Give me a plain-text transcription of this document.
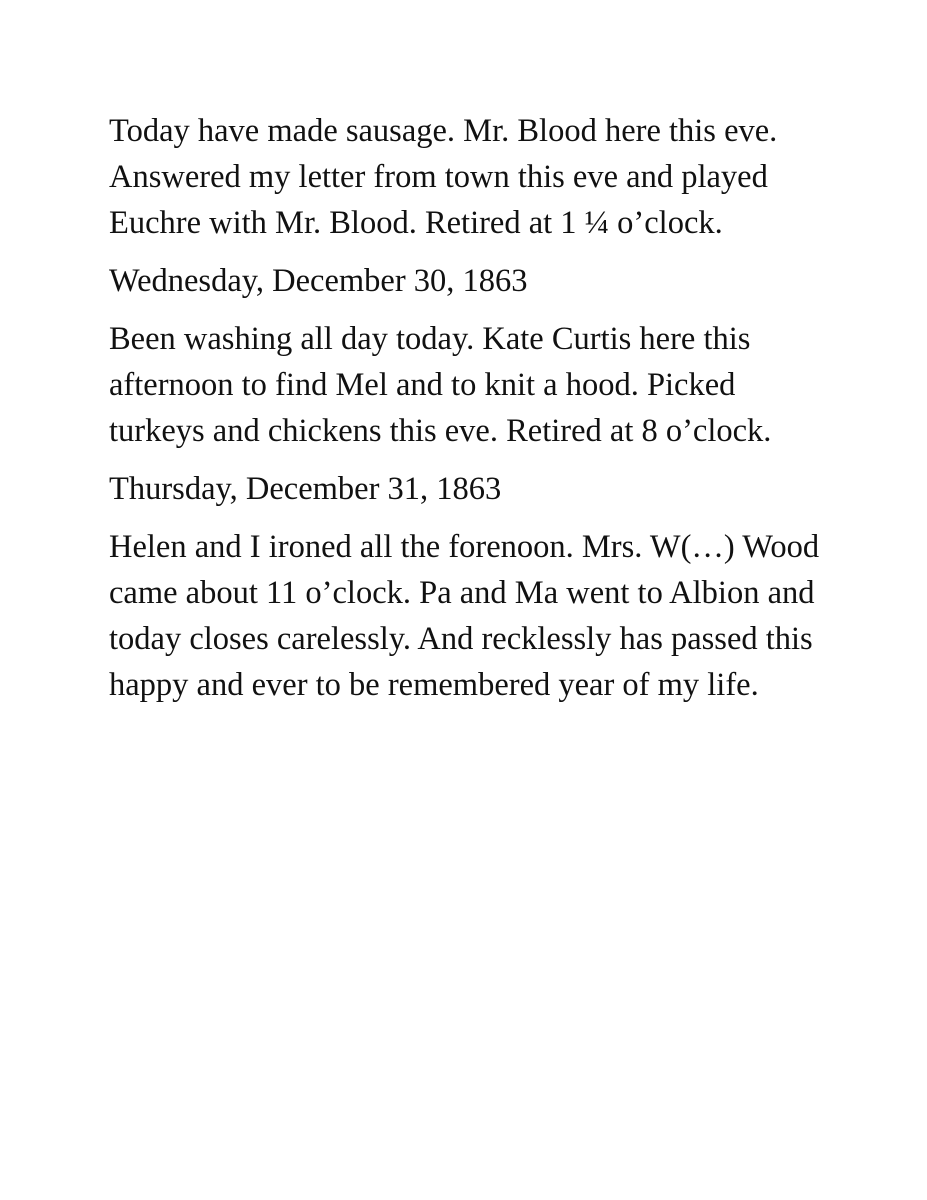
Today have made sausage. Mr. Blood here this eve. Answered my letter from town this eve and played Euchre with Mr. Blood. Retired at 1 ¼ o’clock.

Wednesday, December 30, 1863

Been washing all day today. Kate Curtis here this afternoon to find Mel and to knit a hood. Picked turkeys and chickens this eve. Retired at 8 o’clock.

Thursday, December 31, 1863

Helen and I ironed all the forenoon. Mrs. W(…) Wood came about 11 o’clock. Pa and Ma went to Albion and today closes carelessly. And recklessly has passed this happy and ever to be remembered year of my life.
